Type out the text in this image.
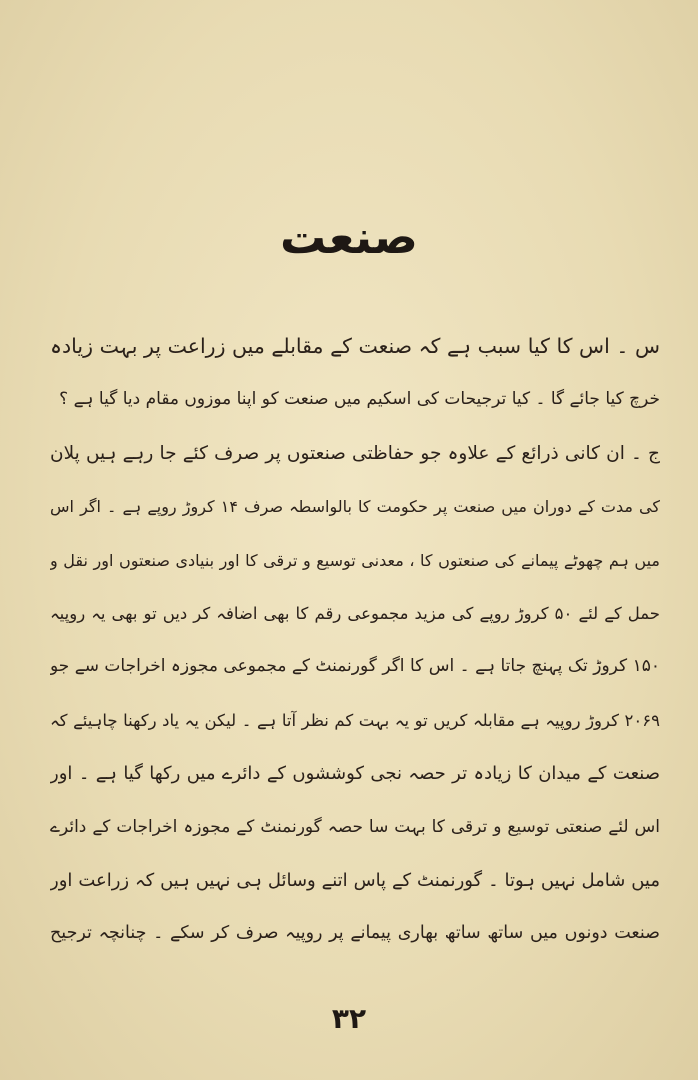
صنعت
س ۔ اس کا کیا سبب ہے کہ صنعت کے مقابلے میں زراعت پر بہت زیادہ
خرچ کیا جائے گا ۔ کیا ترجیحات کی اسکیم میں صنعت کو اپنا موزوں مقام دیا گیا ہے ؟
ج ۔ ان کانی ذرائع کے علاوہ جو حفاظتی صنعتوں پر صرف کئے جا رہے ہیں پلان
کی مدت کے دوران میں صنعت پر حکومت کا بالواسطہ صرف ۱۴ کروڑ روپے ہے ۔ اگر اس
میں ہم چھوٹے پیمانے کی صنعتوں کا ، معدنی توسیع و ترقی کا اور بنیادی صنعتوں اور نقل و
حمل کے لئے ۵۰ کروڑ روپے کی مزید مجموعی رقم کا بھی اضافہ کر دیں تو بھی یہ روپیہ
۱۵۰ کروڑ تک پہنچ جاتا ہے ۔ اس کا اگر گورنمنٹ کے مجموعی مجوزہ اخراجات سے جو
۲۰۶۹ کروڑ روپیہ ہے مقابلہ کریں تو یہ بہت کم نظر آتا ہے ۔ لیکن یہ یاد رکھنا چاہیئے کہ
صنعت کے میدان کا زیادہ تر حصہ نجی کوششوں کے دائرے میں رکھا گیا ہے ۔ اور
اس لئے صنعتی توسیع و ترقی کا بہت سا حصہ گورنمنٹ کے مجوزہ اخراجات کے دائرے
میں شامل نہیں ہوتا ۔ گورنمنٹ کے پاس اتنے وسائل ہی نہیں ہیں کہ زراعت اور
صنعت دونوں میں ساتھ ساتھ بھاری پیمانے پر روپیہ صرف کر سکے ۔ چنانچہ ترجیح
۳۲
